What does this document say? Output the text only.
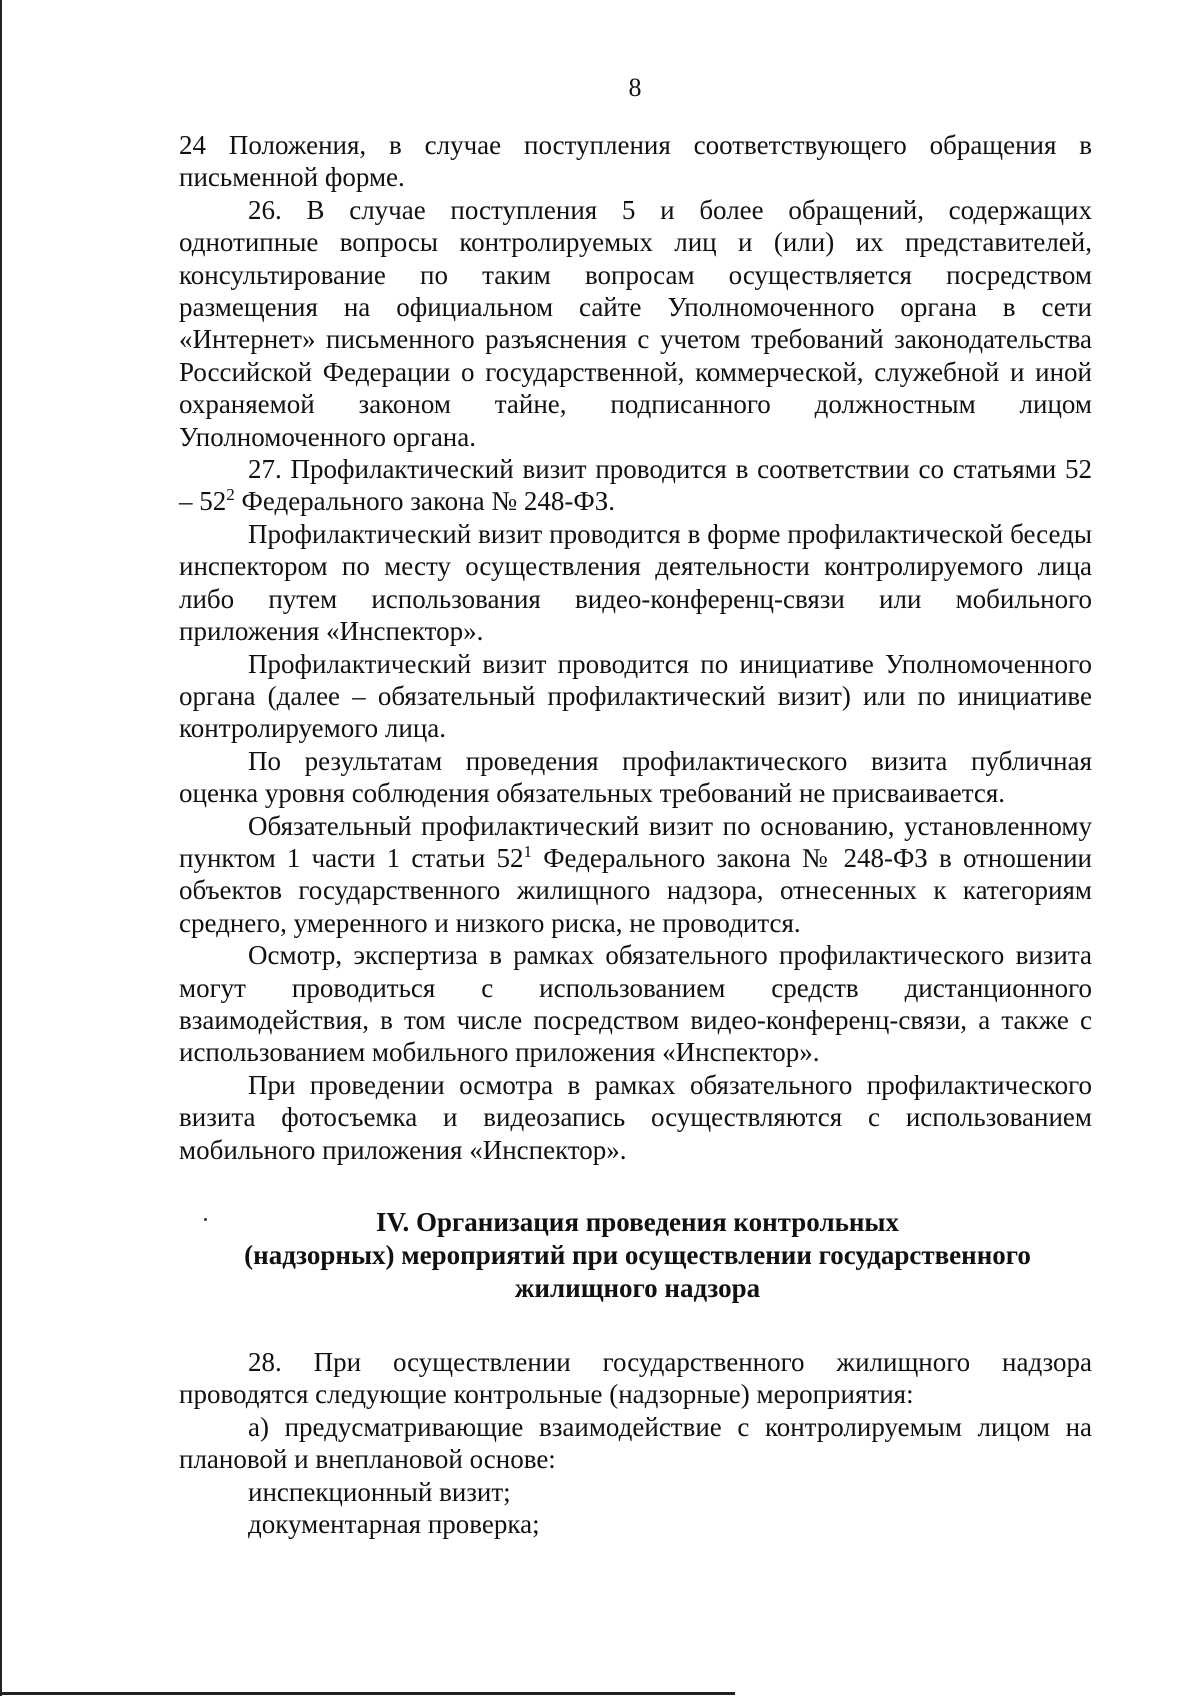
8

24 Положения, в случае поступления соответствующего обращения в письменной форме.

26. В случае поступления 5 и более обращений, содержащих однотипные вопросы контролируемых лиц и (или) их представителей, консультирование по таким вопросам осуществляется посредством размещения на официальном сайте Уполномоченного органа в сети «Интернет» письменного разъяснения с учетом требований законодательства Российской Федерации о государственной, коммерческой, служебной и иной охраняемой законом тайне, подписанного должностным лицом Уполномоченного органа.

27. Профилактический визит проводится в соответствии со статьями $52 - 52^2$ Федерального закона № 248-ФЗ.

Профилактический визит проводится в форме профилактической беседы инспектором по месту осуществления деятельности контролируемого лица либо путем использования видео-конференц-связи или мобильного приложения «Инспектор».

Профилактический визит проводится по инициативе Уполномоченного органа (далее – обязательный профилактический визит) или по инициативе контролируемого лица.

По результатам проведения профилактического визита публичная оценка уровня соблюдения обязательных требований не присваивается.

Обязательный профилактический визит по основанию, установленному пунктом 1 части 1 статьи $52^1$ Федерального закона № 248-ФЗ в отношении объектов государственного жилищного надзора, отнесенных к категориям среднего, умеренного и низкого риска, не проводится.

Осмотр, экспертиза в рамках обязательного профилактического визита могут проводиться с использованием средств дистанционного взаимодействия, в том числе посредством видео-конференц-связи, а также с использованием мобильного приложения «Инспектор».

При проведении осмотра в рамках обязательного профилактического визита фотосъемка и видеозапись осуществляются с использованием мобильного приложения «Инспектор».

IV. Организация проведения контрольных
(надзорных) мероприятий при осуществлении государственного
жилищного надзора

28. При осуществлении государственного жилищного надзора проводятся следующие контрольные (надзорные) мероприятия:

а) предусматривающие взаимодействие с контролируемым лицом на плановой и внеплановой основе:

инспекционный визит;

документарная проверка;
